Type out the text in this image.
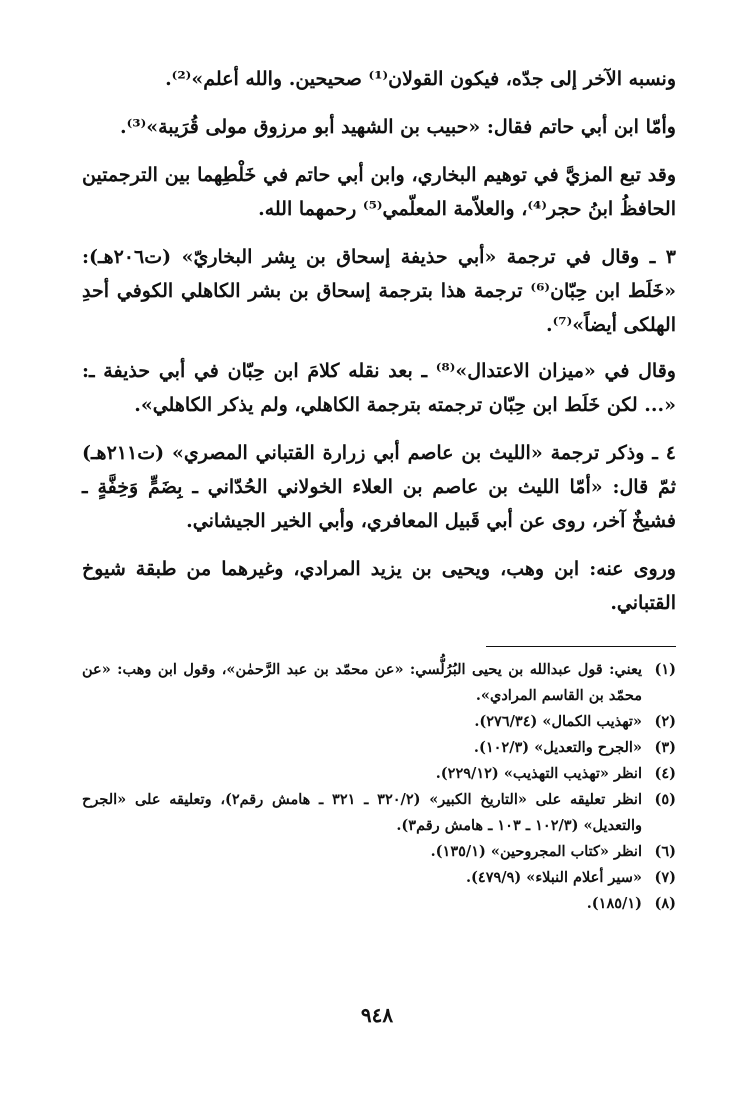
ونسبه الآخر إلى جدّه، فيكون القولان⁽¹⁾ صحيحين. والله أعلم»⁽²⁾.

وأمّا ابن أبي حاتم فقال: «حبيب بن الشهيد أبو مرزوق مولى قُرَيبة»⁽³⁾.

وقد تبع المزيَّ في توهيم البخاري، وابن أبي حاتم في خَلْطِهما بين الترجمتين الحافظُ ابنُ حجر⁽⁴⁾، والعلاّمة المعلّمي⁽⁵⁾ رحمهما الله.

٣ ـ وقال في ترجمة «أبي حذيفة إسحاق بن بِشر البخاريّ» (ت٢٠٦هـ): «خَلَط ابن حِبّان⁽⁶⁾ ترجمة هذا بترجمة إسحاق بن بشر الكاهلي الكوفي أحدِ الهلكى أيضاً»⁽⁷⁾.

وقال في «ميزان الاعتدال»⁽⁸⁾ ـ بعد نقله كلامَ ابن حِبّان في أبي حذيفة ـ: «... لكن خَلَط ابن حِبّان ترجمته بترجمة الكاهلي، ولم يذكر الكاهلي».

٤ ـ وذكر ترجمة «الليث بن عاصم أبي زرارة القتباني المصري» (ت٢١١هـ) ثمّ قال: «أمّا الليث بن عاصم بن العلاء الخولاني الحُدّاني ـ بِضَمٍّ وَخِفَّةٍ ـ فشيخٌ آخر، روى عن أبي قَبيل المعافري، وأبي الخير الجيشاني.

وروى عنه: ابن وهب، ويحيى بن يزيد المرادي، وغيرهما من طبقة شيوخ القتباني.

(١)
يعني: قول عبدالله بن يحيى البُرُلُّسي: «عن محمّد بن عبد الرَّحمٰن»، وقول ابن وهب: «عن محمّد بن القاسم المرادي».
(٢)
«تهذيب الكمال» (٢٧٦/٣٤).
(٣)
«الجرح والتعديل» (١٠٢/٣).
(٤)
انظر «تهذيب التهذيب» (٢٢٩/١٢).
(٥)
انظر تعليقه على «التاريخ الكبير» (٣٢٠/٢ ـ ٣٢١ ـ هامش رقم٢)، وتعليقه على «الجرح والتعديل» (١٠٢/٣ ـ ١٠٣ ـ هامش رقم٣).
(٦)
انظر «كتاب المجروحين» (١٣٥/١).
(٧)
«سير أعلام النبلاء» (٤٧٩/٩).
(٨)
(١٨٥/١).
٩٤٨
